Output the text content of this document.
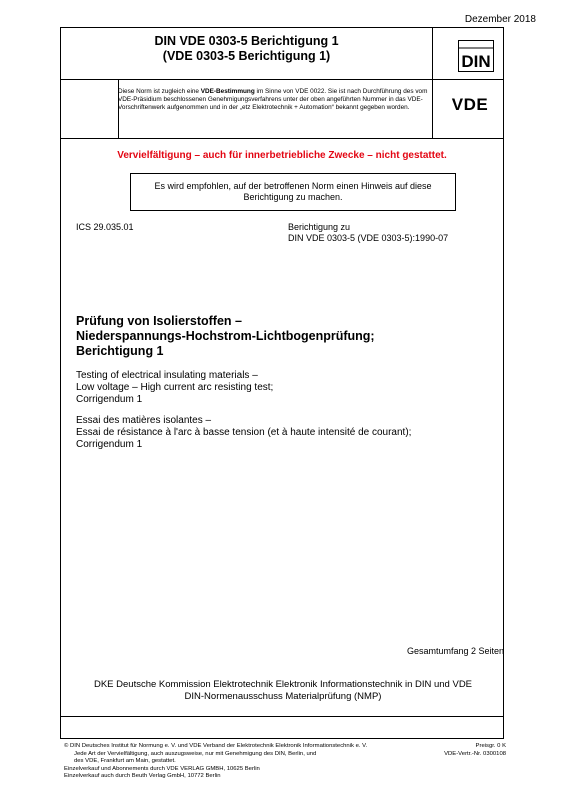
Dezember 2018
DIN VDE 0303-5 Berichtigung 1
(VDE 0303-5 Berichtigung 1)	DIN
VDE
Diese Norm ist zugleich eine VDE-Bestimmung im Sinne von VDE 0022. Sie ist nach Durchführung des vom VDE-Präsidium beschlossenen Genehmigungsverfahrens unter der oben angeführten Nummer in das VDE-Vorschriftenwerk aufgenommen und in der „etz Elektrotechnik + Automation“ bekannt gegeben worden.
Vervielfältigung – auch für innerbetriebliche Zwecke – nicht gestattet.
Es wird empfohlen, auf der betroffenen Norm einen Hinweis auf diese
Berichtigung zu machen.
ICS 29.035.01	Berichtigung zu
DIN VDE 0303-5 (VDE 0303-5):1990-07
Prüfung von Isolierstoffen –
Niederspannungs-Hochstrom-Lichtbogenprüfung;
Berichtigung 1
Testing of electrical insulating materials –
Low voltage – High current arc resisting test;
Corrigendum 1
Essai des matières isolantes –
Essai de résistance à l'arc à basse tension (et à haute intensité de courant);
Corrigendum 1
Gesamtumfang 2 Seiten
DKE Deutsche Kommission Elektrotechnik Elektronik Informationstechnik in DIN und VDE
DIN-Normenausschuss Materialprüfung (NMP)
© DIN Deutsches Institut für Normung e. V. und VDE Verband der Elektrotechnik Elektronik Informationstechnik e. V.
Jede Art der Vervielfältigung, auch auszugsweise, nur mit Genehmigung des DIN, Berlin, und
des VDE, Frankfurt am Main, gestattet.
Einzelverkauf und Abonnements durch VDE VERLAG GMBH, 10625 Berlin
Einzelverkauf auch durch Beuth Verlag GmbH, 10772 Berlin
Preisgr. 0 K
VDE-Vertr.-Nr. 0300108
